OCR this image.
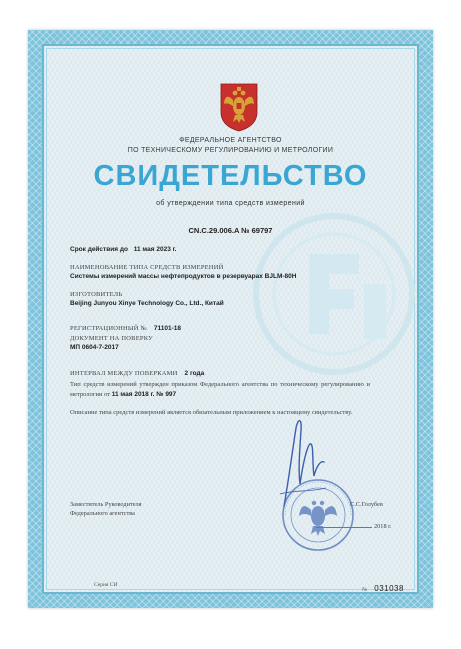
ФЕДЕРАЛЬНОЕ АГЕНТСТВО
ПО ТЕХНИЧЕСКОМУ РЕГУЛИРОВАНИЮ И МЕТРОЛОГИИ
СВИДЕТЕЛЬСТВО
об утверждении типа средств измерений
CN.C.29.006.A № 69797
Срок действия до 11 мая 2023 г.
НАИМЕНОВАНИЕ ТИПА СРЕДСТВ ИЗМЕРЕНИЙ
Системы измерений массы нефтепродуктов в резервуарах BJLM-80H
ИЗГОТОВИТЕЛЬ
Beijing Junyou Xinye Technology Co., Ltd., Китай
РЕГИСТРАЦИОННЫЙ № 71101-18
ДОКУМЕНТ НА ПОВЕРКУ
МП 0604-7-2017
ИНТЕРВАЛ МЕЖДУ ПОВЕРКАМИ 2 года
Тип средств измерений утвержден приказом Федерального агентства по техническому регулированию и метрологии от 11 мая 2018 г. № 997
Описание типа средств измерений является обязательным приложением к настоящему свидетельству.
Заместитель Руководителя
Федерального агентства
С.С.Голубев
2018 г.
Серия СИ
№ 031038
